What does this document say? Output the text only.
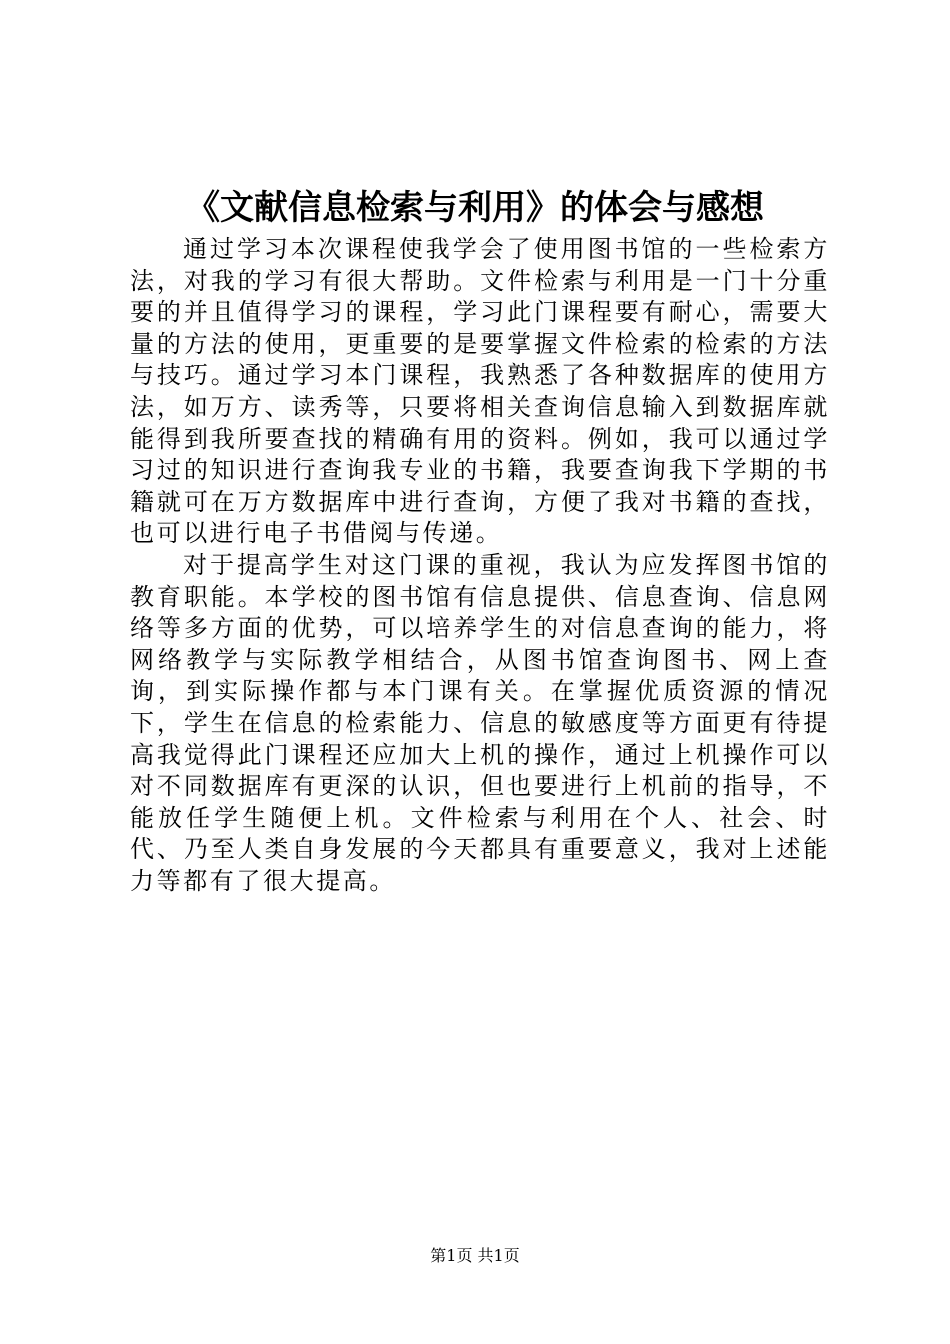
《文献信息检索与利用》的体会与感想

通过学习本次课程使我学会了使用图书馆的一些检索方法，对我的学习有很大帮助。文件检索与利用是一门十分重要的并且值得学习的课程，学习此门课程要有耐心，需要大量的方法的使用，更重要的是要掌握文件检索的检索的方法与技巧。通过学习本门课程，我熟悉了各种数据库的使用方法，如万方、读秀等，只要将相关查询信息输入到数据库就能得到我所要查找的精确有用的资料。例如，我可以通过学习过的知识进行查询我专业的书籍，我要查询我下学期的书籍就可在万方数据库中进行查询，方便了我对书籍的查找，也可以进行电子书借阅与传递。

对于提高学生对这门课的重视，我认为应发挥图书馆的教育职能。本学校的图书馆有信息提供、信息查询、信息网络等多方面的优势，可以培养学生的对信息查询的能力，将网络教学与实际教学相结合，从图书馆查询图书、网上查询，到实际操作都与本门课有关。在掌握优质资源的情况下，学生在信息的检索能力、信息的敏感度等方面更有待提高我觉得此门课程还应加大上机的操作，通过上机操作可以对不同数据库有更深的认识，但也要进行上机前的指导，不能放任学生随便上机。文件检索与利用在个人、社会、时代、乃至人类自身发展的今天都具有重要意义，我对上述能力等都有了很大提高。

第1页 共1页
